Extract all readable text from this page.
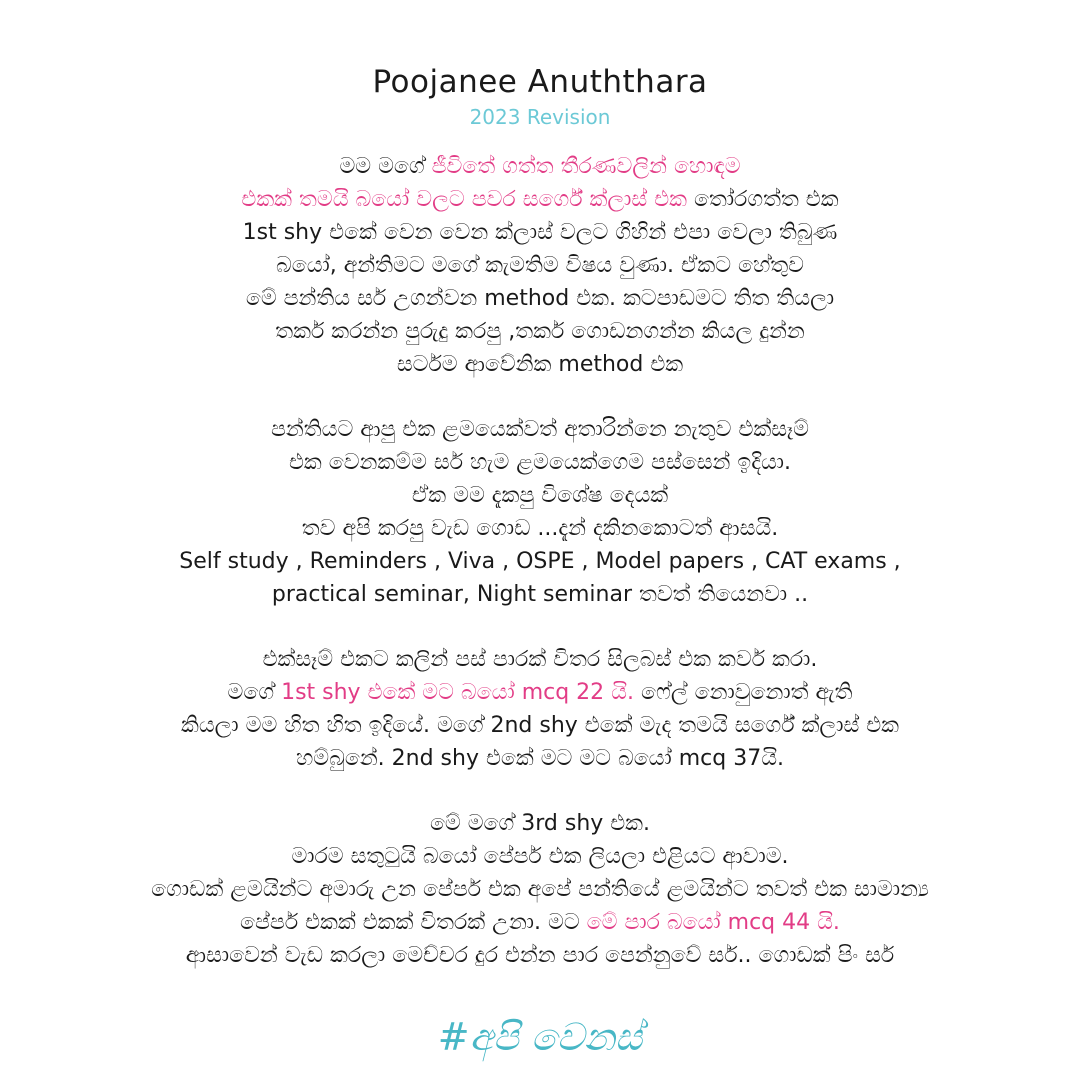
Poojanee Anuththara
2023 Revision
මම මගේ ජීවිතේ ගත්ත තීරණවලින් හොඳම
එකක් තමයි බයෝ වලට පවර සර්ගේ ක්ලාස් එක තෝරගත්ත එක
1st shy එකේ වෙන වෙන ක්ලාස් වලට ගිහින් එපා වෙලා තිබුණ
බයෝ, අන්තිමට මගේ කැමතිම විෂය වුණා. ඒකට හේතුව
මේ පන්තිය සර් උගන්වන method එක. කටපාඩමට තිත තියලා
තර්ක කරන්න පුරුදු කරපු ,තර්ක ගොඩනගන්න කියල දුන්න
සර්ටම ආවේනික method එක
පන්තියට ආපු එක ළමයෙක්වත් අතාරින්නෙ නැතුව එක්සෑම්
එක වෙනකම්ම සර් හැම ළමයෙක්ගෙම පස්සෙන් ඉදියා.
ඒක මම දැකපු විශේෂ දෙයක්
තව අපි කරපු වැඩ ගොඩ ...දැන් දකිනකොටත් ආසයි.
Self study , Reminders , Viva , OSPE , Model papers , CAT exams ,
practical seminar, Night seminar තවත් තියෙනවා ..
එක්සෑම් එකට කලින් පස් පාරක් විතර සිලබස් එක කවර් කරා.
මගේ 1st shy එකේ මට බයෝ mcq 22 යි. ෆේල් නොවුනොත් ඇති
කියලා මම හිත හිත ඉදියේ. මගේ 2nd shy එකේ මැද තමයි සර්ගේ ක්ලාස් එක
හම්බුනේ. 2nd shy එකේ මට මට බයෝ mcq 37යි.
මේ මගේ 3rd shy එක.
මාරම සතුටුයි බයෝ පේපර් එක ලියලා එළියට ආවාම.
ගොඩක් ළමයින්ට අමාරු උන පේපර් එක අපේ පන්තියේ ළමයින්ට තවත් එක සාමාන්‍ය
පේපර් එකක් එකක් විතරක් උනා. මට මේ පාර බයෝ mcq 44 යි.
ආසාවෙන් වැඩ කරලා මෙච්චර දුර එන්න පාර පෙන්නුවේ සර්.. ගොඩක් පිං සර්
#අපි වෙනස්
